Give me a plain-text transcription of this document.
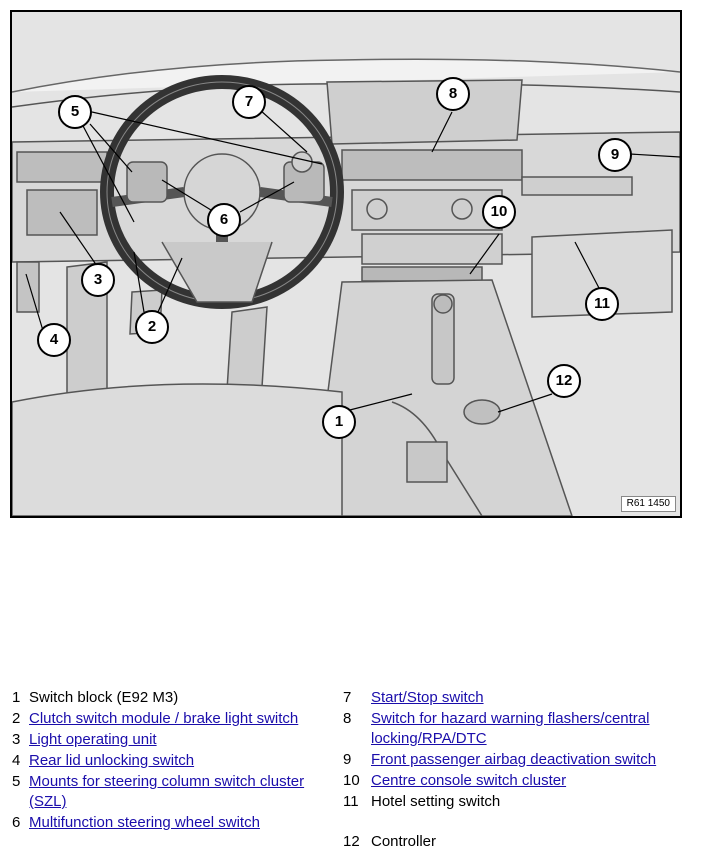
1
2
3
4
5
6
7	8
9
10
11
12
R61 1450
1 Switch block (E92 M3)
2 Clutch switch module / brake light switch
3 Light operating unit
4 Rear lid unlocking switch
5 Mounts for steering column switch cluster (SZL)
6 Multifunction steering wheel switch
7	Start/Stop switch
8	Switch for hazard warning flashers/central locking/RPA/DTC
9	Front passenger airbag deactivation switch
10 Centre console switch cluster
11 Hotel setting switch
12 Controller
